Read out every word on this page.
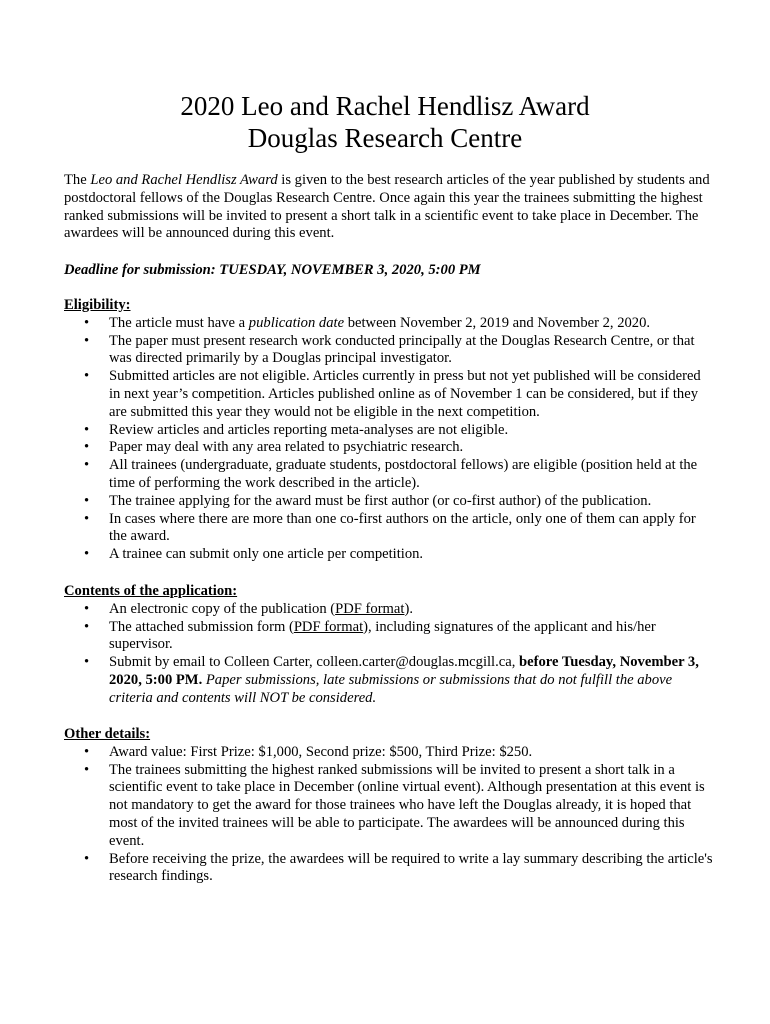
2020 Leo and Rachel Hendlisz Award
Douglas Research Centre
The Leo and Rachel Hendlisz Award is given to the best research articles of the year published by students and postdoctoral fellows of the Douglas Research Centre. Once again this year the trainees submitting the highest ranked submissions will be invited to present a short talk in a scientific event to take place in December. The awardees will be announced during this event.
Deadline for submission: TUESDAY, NOVEMBER 3, 2020, 5:00 PM
Eligibility:
• The article must have a publication date between November 2, 2019 and November 2, 2020.
• The paper must present research work conducted principally at the Douglas Research Centre, or that was directed primarily by a Douglas principal investigator.
• Submitted articles are not eligible. Articles currently in press but not yet published will be considered in next year’s competition. Articles published online as of November 1 can be considered, but if they are submitted this year they would not be eligible in the next competition.
• Review articles and articles reporting meta-analyses are not eligible.
• Paper may deal with any area related to psychiatric research.
• All trainees (undergraduate, graduate students, postdoctoral fellows) are eligible (position held at the time of performing the work described in the article).
• The trainee applying for the award must be first author (or co-first author) of the publication.
• In cases where there are more than one co-first authors on the article, only one of them can apply for the award.
• A trainee can submit only one article per competition.
Contents of the application:
• An electronic copy of the publication (PDF format).
• The attached submission form (PDF format), including signatures of the applicant and his/her supervisor.
• Submit by email to Colleen Carter, colleen.carter@douglas.mcgill.ca, before Tuesday, November 3, 2020, 5:00 PM. Paper submissions, late submissions or submissions that do not fulfill the above criteria and contents will NOT be considered.
Other details:
• Award value: First Prize: $1,000, Second prize: $500, Third Prize: $250.
• The trainees submitting the highest ranked submissions will be invited to present a short talk in a scientific event to take place in December (online virtual event). Although presentation at this event is not mandatory to get the award for those trainees who have left the Douglas already, it is hoped that most of the invited trainees will be able to participate. The awardees will be announced during this event.
• Before receiving the prize, the awardees will be required to write a lay summary describing the article's research findings.
